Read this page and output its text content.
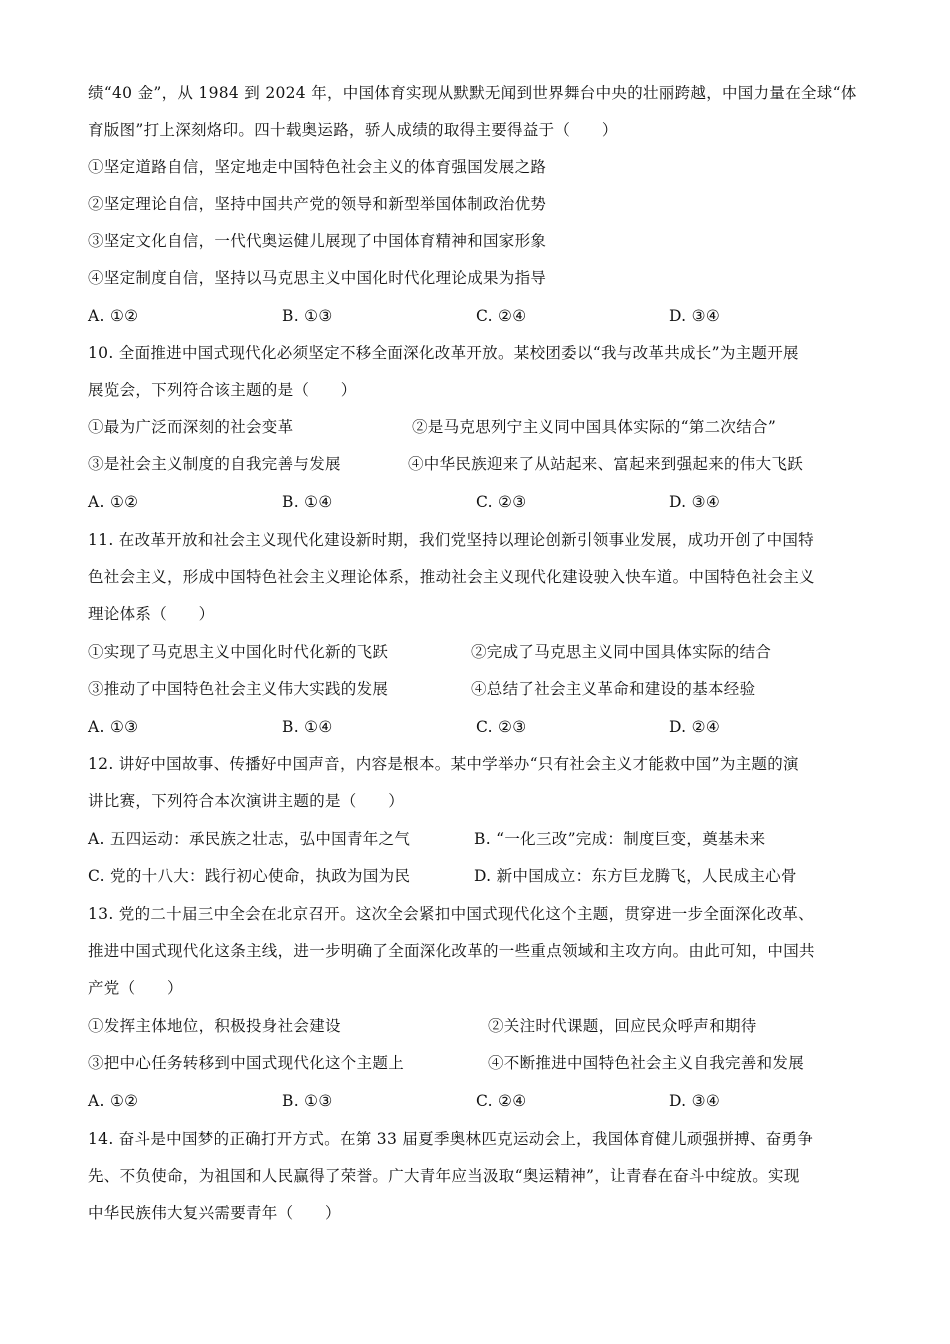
绩“40 金”，从 1984 到 2024 年，中国体育实现从默默无闻到世界舞台中央的壮丽跨越，中国力量在全球“体
育版图”打上深刻烙印。四十载奥运路，骄人成绩的取得主要得益于（　　）
①坚定道路自信，坚定地走中国特色社会主义的体育强国发展之路
②坚定理论自信，坚持中国共产党的领导和新型举国体制政治优势
③坚定文化自信，一代代奥运健儿展现了中国体育精神和国家形象
④坚定制度自信，坚持以马克思主义中国化时代化理论成果为指导
A. ①②	B. ①③	C. ②④	D. ③④
10. 全面推进中国式现代化必须坚定不移全面深化改革开放。某校团委以“我与改革共成长”为主题开展
展览会，下列符合该主题的是（　　）
①最为广泛而深刻的社会变革	②是马克思列宁主义同中国具体实际的“第二次结合”
③是社会主义制度的自我完善与发展	④中华民族迎来了从站起来、富起来到强起来的伟大飞跃
A. ①②	B. ①④	C. ②③	D. ③④
11. 在改革开放和社会主义现代化建设新时期，我们党坚持以理论创新引领事业发展，成功开创了中国特
色社会主义，形成中国特色社会主义理论体系，推动社会主义现代化建设驶入快车道。中国特色社会主义
理论体系（　　）
①实现了马克思主义中国化时代化新的飞跃	②完成了马克思主义同中国具体实际的结合
③推动了中国特色社会主义伟大实践的发展	④总结了社会主义革命和建设的基本经验
A. ①③	B. ①④	C. ②③	D. ②④
12. 讲好中国故事、传播好中国声音，内容是根本。某中学举办“只有社会主义才能救中国”为主题的演
讲比赛，下列符合本次演讲主题的是（　　）
A. 五四运动：承民族之壮志，弘中国青年之气	B. “一化三改”完成：制度巨变，奠基未来
C. 党的十八大：践行初心使命，执政为国为民	D. 新中国成立：东方巨龙腾飞，人民成主心骨
13. 党的二十届三中全会在北京召开。这次全会紧扣中国式现代化这个主题，贯穿进一步全面深化改革、
推进中国式现代化这条主线，进一步明确了全面深化改革的一些重点领域和主攻方向。由此可知，中国共
产党（　　）
①发挥主体地位，积极投身社会建设	②关注时代课题，回应民众呼声和期待
③把中心任务转移到中国式现代化这个主题上	④不断推进中国特色社会主义自我完善和发展
A. ①②	B. ①③	C. ②④	D. ③④
14. 奋斗是中国梦的正确打开方式。在第 33 届夏季奥林匹克运动会上，我国体育健儿顽强拼搏、奋勇争
先、不负使命，为祖国和人民赢得了荣誉。广大青年应当汲取“奥运精神”，让青春在奋斗中绽放。实现
中华民族伟大复兴需要青年（　　）
